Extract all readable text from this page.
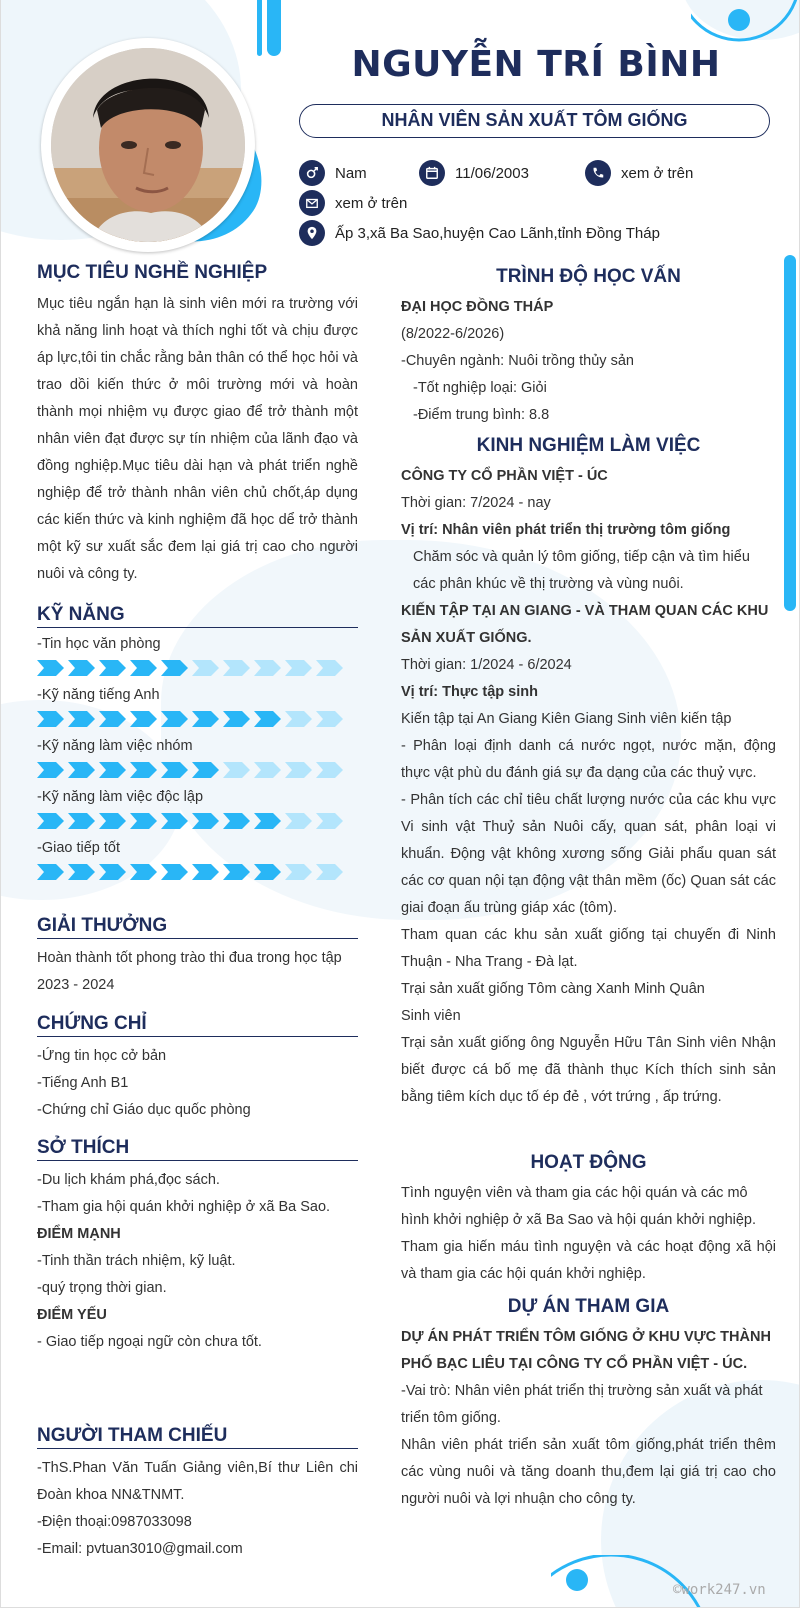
NGUYỄN TRÍ BÌNH
NHÂN VIÊN SẢN XUẤT TÔM GIỐNG
Nam	11/06/2003	xem ở trên
xem ở trên
Ấp 3,xã Ba Sao,huyện Cao Lãnh,tỉnh Đồng Tháp
MỤC TIÊU NGHỀ NGHIỆP
Mục tiêu ngắn hạn là sinh viên mới ra trường với khả năng linh hoạt và thích nghi tốt và chịu được áp lực,tôi tin chắc rằng bản thân có thể học hỏi và trao dồi kiến thức ở môi trường mới và hoàn thành mọi nhiệm vụ được giao để trở thành một nhân viên đạt được sự tín nhiệm của lãnh đạo và đồng nghiệp.Mục tiêu dài hạn và phát triển nghề nghiệp để trở thành nhân viên chủ chốt,áp dụng các kiến thức và kinh nghiệm đã học dể trở thành một kỹ sư xuất sắc đem lại giá trị cao cho người nuôi và công ty.
KỸ NĂNG
-Tin học văn phòng
-Kỹ năng tiếng Anh
-Kỹ năng làm việc nhóm
-Kỹ năng làm việc độc lập
-Giao tiếp tốt
GIẢI THƯỞNG
Hoàn thành tốt phong trào thi đua trong học tập 2023 - 2024
CHỨNG CHỈ
-Ứng tin học cở bản
-Tiếng Anh B1
-Chứng chỉ Giáo dục quốc phòng
SỞ THÍCH
-Du lịch khám phá,đọc sách.
-Tham gia hội quán khởi nghiệp ở xã Ba Sao.
ĐIỂM MẠNH
-Tinh thần trách nhiệm, kỹ luật.
-quý trọng thời gian.
ĐIỂM YẾU
- Giao tiếp ngoại ngữ còn chưa tốt.
NGƯỜI THAM CHIẾU
-ThS.Phan Văn Tuấn Giảng viên,Bí thư Liên chi Đoàn khoa NN&TNMT.
-Điện thoại:0987033098
-Email: pvtuan3010@gmail.com
TRÌNH ĐỘ HỌC VẤN
ĐẠI HỌC ĐỒNG THÁP
(8/2022-6/2026)
-Chuyên ngành: Nuôi trồng thủy sản
-Tốt nghiệp loại: Giỏi
-Điểm trung bình: 8.8
KINH NGHIỆM LÀM VIỆC
CÔNG TY CỔ PHẦN VIỆT - ÚC
Thời gian: 7/2024 - nay
Vị trí: Nhân viên phát triển thị trường tôm giống
Chăm sóc và quản lý tôm giống, tiếp cận và tìm hiểu các phân khúc về thị trường và vùng nuôi.
KIẾN TẬP TẠI AN GIANG - VÀ THAM QUAN CÁC KHU SẢN XUẤT GIỐNG.
Thời gian: 1/2024 - 6/2024
Vị trí: Thực tập sinh
Kiến tập tại An Giang Kiên Giang Sinh viên kiến tập
- Phân loại định danh cá nước ngọt, nước mặn, động thực vật phù du đánh giá sự đa dạng của các thuỷ vực.
- Phân tích các chỉ tiêu chất lượng nước của các khu vực Vi sinh vật Thuỷ sản Nuôi cấy, quan sát, phân loại vi khuẩn. Động vật không xương sống Giải phẩu quan sát các cơ quan nội tạn động vật thân mềm (ốc) Quan sát các giai đoạn ấu trùng giáp xác (tôm).
Tham quan các khu sản xuất giống tại chuyến đi Ninh Thuận - Nha Trang - Đà lạt.
Trại sản xuất giống Tôm càng Xanh Minh Quân
Sinh viên
Trại sản xuất giống ông Nguyễn Hữu Tân Sinh viên Nhận biết được cá bố mẹ đã thành thục Kích thích sinh sản bằng tiêm kích dục tố ép đẻ , vớt trứng , ấp trứng.
HOẠT ĐỘNG
Tình nguyện viên và tham gia các hội quán và các mô hình khởi nghiệp ở xã Ba Sao và hội quán khởi nghiệp.
Tham gia hiến máu tình nguyện và các hoạt động xã hội và tham gia các hội quán khởi nghiệp.
DỰ ÁN THAM GIA
DỰ ÁN PHÁT TRIỂN TÔM GIỐNG Ở KHU VỰC THÀNH PHỐ BẠC LIÊU TẠI CÔNG TY CỔ PHẦN VIỆT - ÚC.
-Vai trò: Nhân viên phát triển thị trường sản xuất và phát triển tôm giống.
Nhân viên phát triển sản xuất tôm giống,phát triển thêm các vùng nuôi và tăng doanh thu,đem lại giá trị cao cho người nuôi và lợi nhuận cho công ty.
©work247.vn
